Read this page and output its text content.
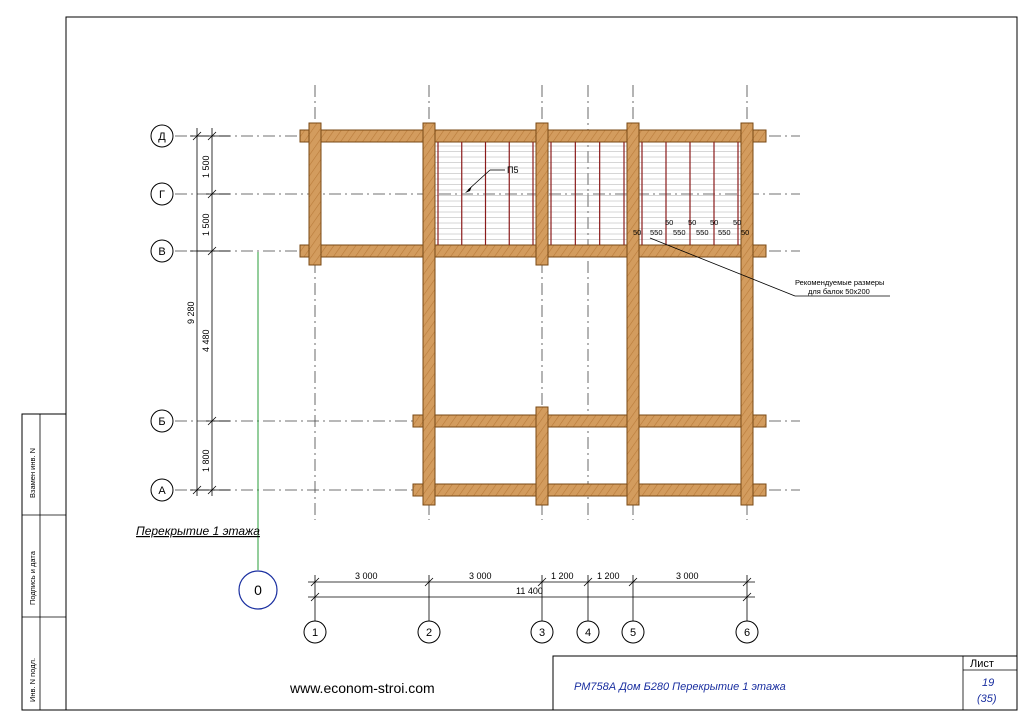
Взамен инв. N
Подпись и дата
Инв. N подл.	Лист
19
(35)
РМ758А Дом Б280 Перекрытие 1 этажа
www.econom-stroi.com
П5
50 50 50 50
50 550 550 550 550 50
Рекомендуемые размеры
для балок 50х200
1 500
1 500
4 480
1 800
9 280
3 000	3 000	1 200	1 200	3 000
11 400
Д
Г
В
Б
А
1	2	3	4	5	6
0
Перекрытие 1 этажа
